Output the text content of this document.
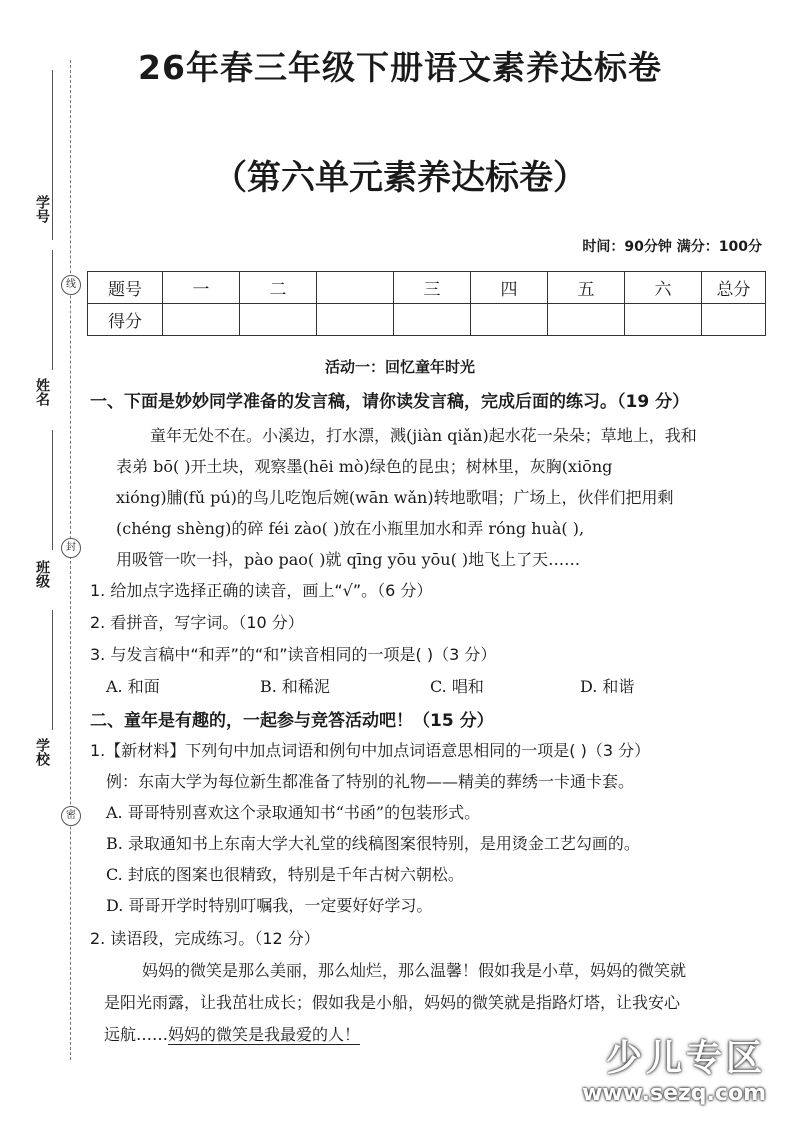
学号
姓名
班级
学校
线
封
密
26年春三年级下册语文素养达标卷
（第六单元素养达标卷）
时间：90分钟 满分：100分
题号	一	二		三	四	五	六	总分
得分								
活动一：回忆童年时光
一、下面是妙妙同学准备的发言稿，请你读发言稿，完成后面的练习。（19 分）
童年无处不在。小溪边，打水漂，溅(jiàn qiǎn)起水花一朵朵；草地上，我和
表弟 bō( )开土块，观察墨(hēi mò)绿色的昆虫；树林里，灰胸(xiōng
xióng)脯(fǔ pú)的鸟儿吃饱后婉(wān wǎn)转地歌唱；广场上，伙伴们把用剩
(chéng shèng)的碎 féi zào( )放在小瓶里加水和弄 róng huà( ),
用吸管一吹一抖，pào pao( )就 qīng yōu yōu( )地飞上了天……
1. 给加点字选择正确的读音，画上“√”。（6 分）
2. 看拼音，写字词。（10 分）
3. 与发言稿中“和弄”的“和”读音相同的一项是( )（3 分）
A. 和面	B. 和稀泥	C. 唱和	D. 和谐
二、童年是有趣的，一起参与竞答活动吧！（15 分）
1.【新材料】下列句中加点词语和例句中加点词语意思相同的一项是( )（3 分）
例：东南大学为每位新生都准备了特别的礼物——精美的葬绣一卡通卡套。
A. 哥哥特别喜欢这个录取通知书“书函”的包装形式。
B. 录取通知书上东南大学大礼堂的线稿图案很特别，是用烫金工艺勾画的。
C. 封底的图案也很精致，特别是千年古树六朝松。
D. 哥哥开学时特别叮嘱我，一定要好好学习。
2. 读语段，完成练习。（12 分）
妈妈的微笑是那么美丽，那么灿烂，那么温馨！假如我是小草，妈妈的微笑就
是阳光雨露，让我茁壮成长；假如我是小船，妈妈的微笑就是指路灯塔，让我安心
远航……妈妈的微笑是我最爱的人！
少儿专区
www.sezq.com
